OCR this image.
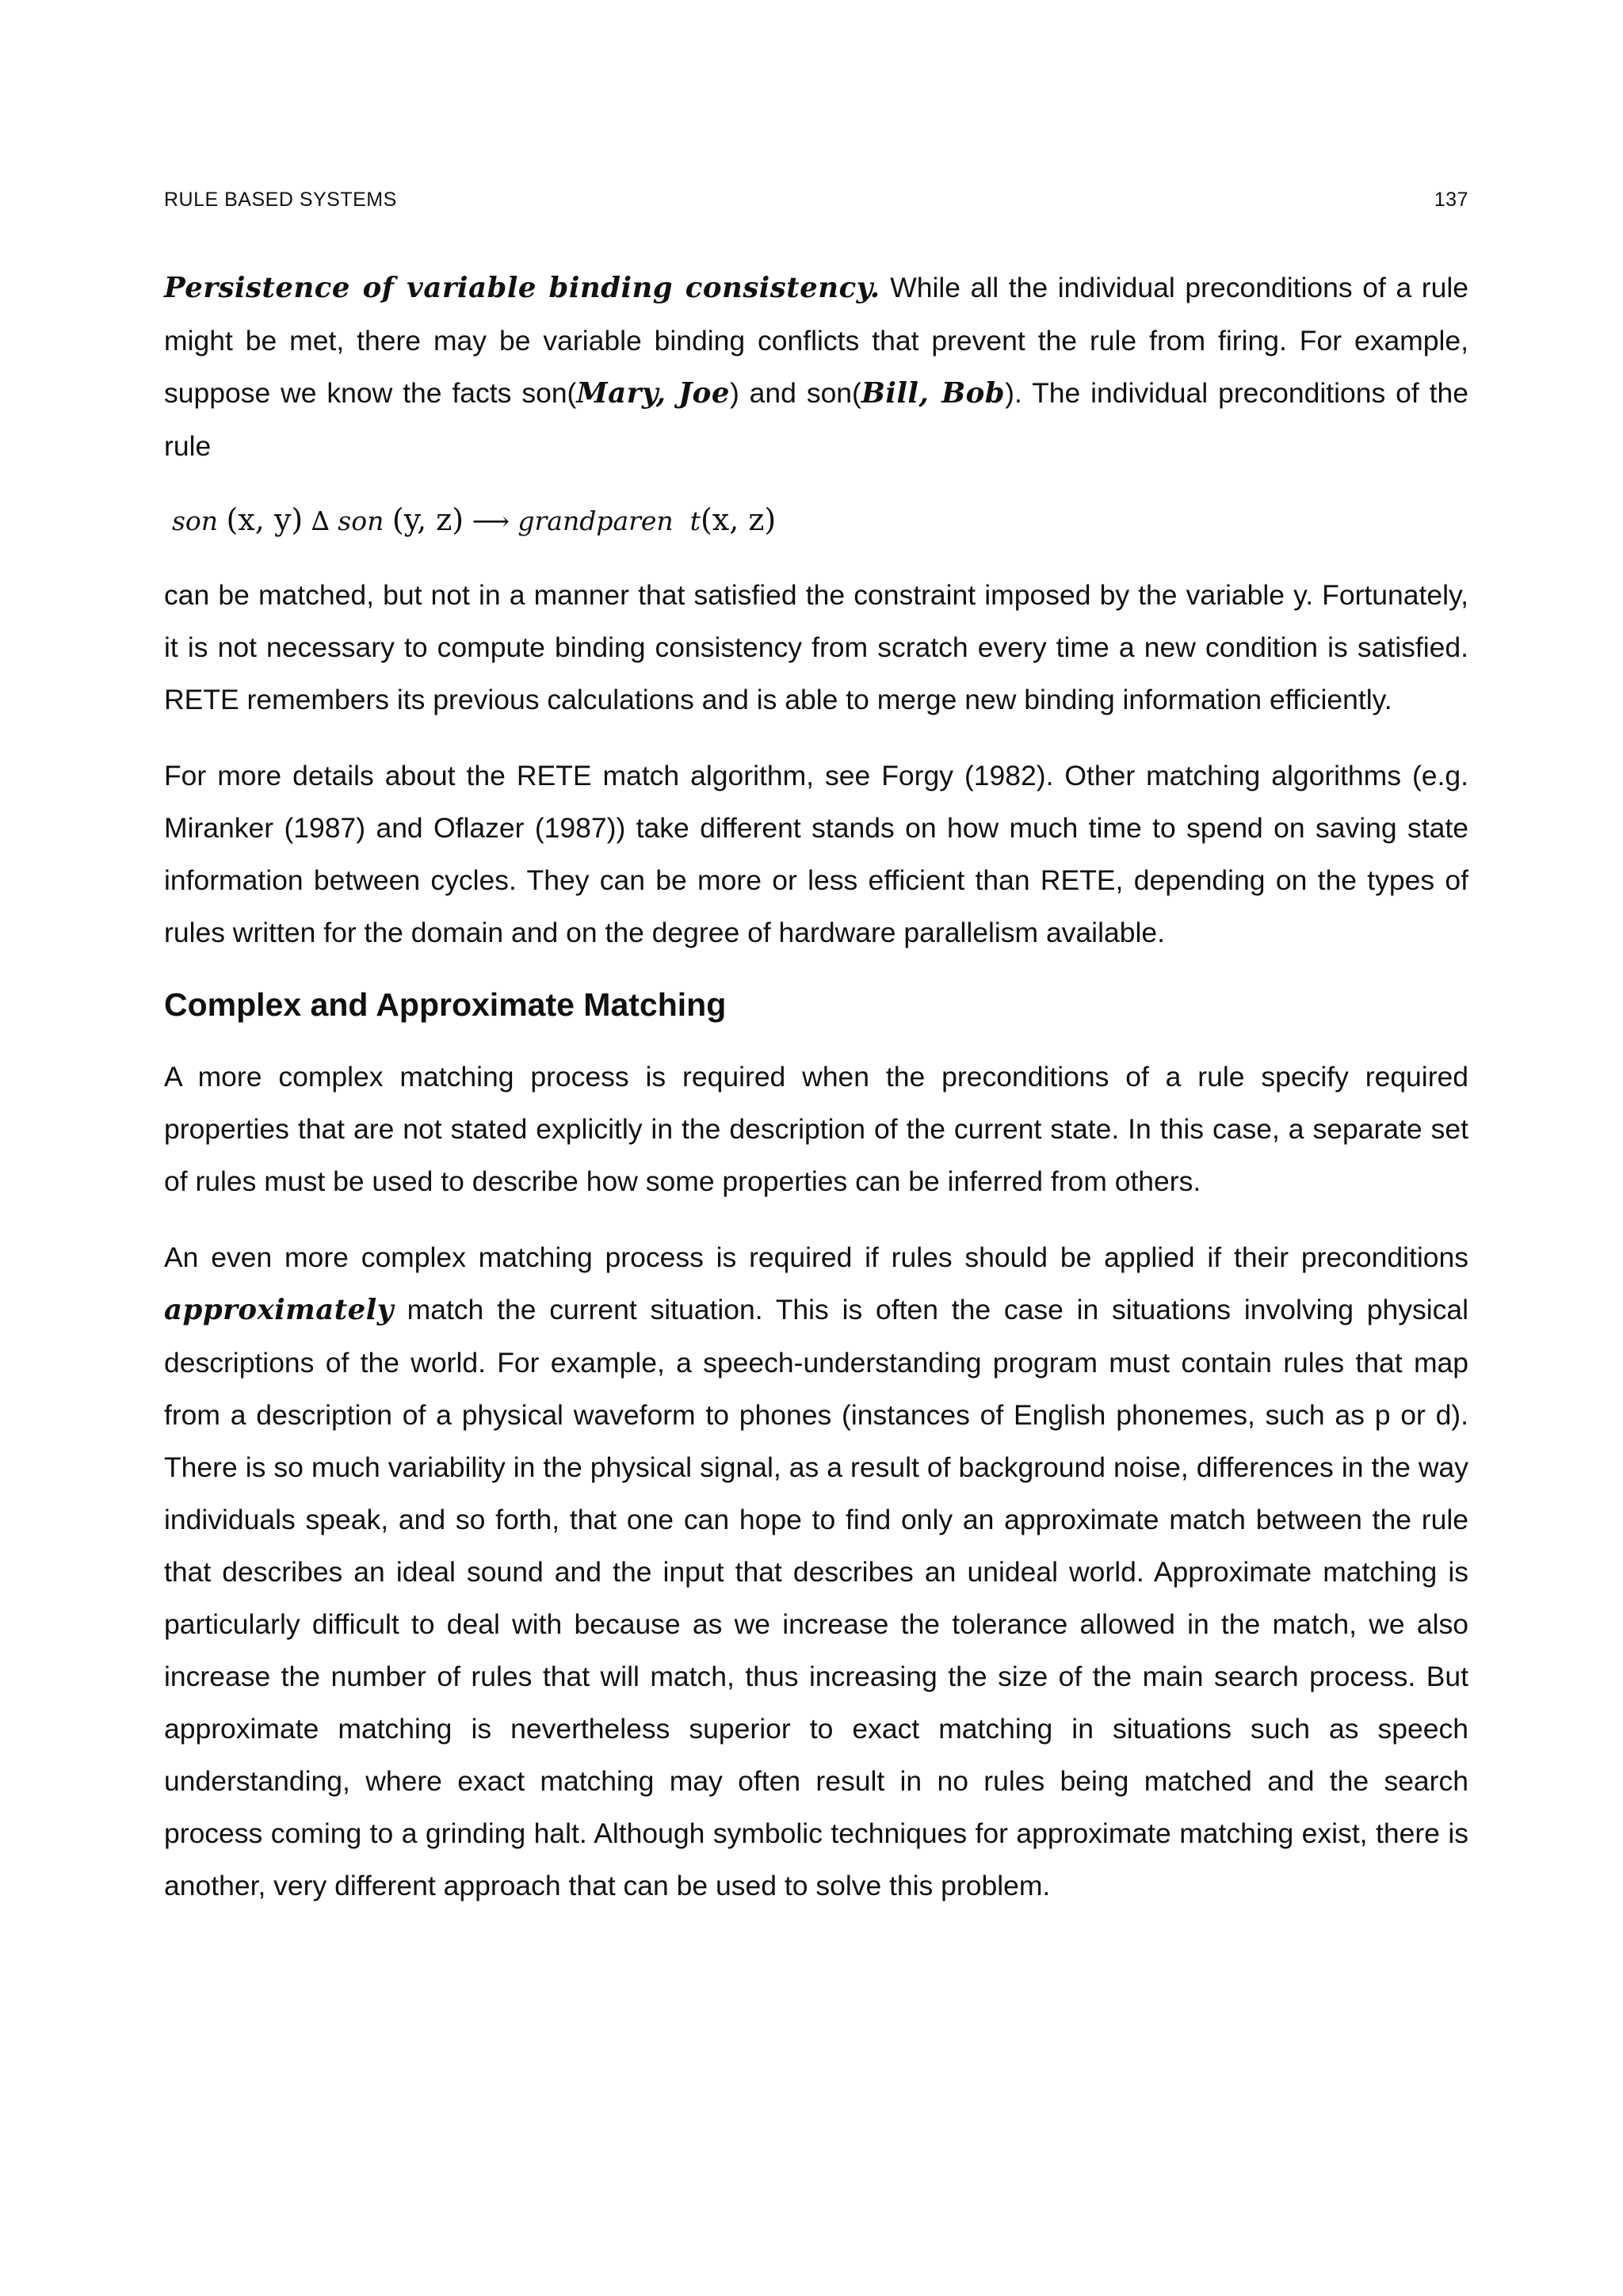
RULE BASED SYSTEMS	137

Persistence of variable binding consistency. While all the individual preconditions of a rule might be met, there may be variable binding conflicts that prevent the rule from firing. For example, suppose we know the facts son(Mary, Joe) and son(Bill, Bob). The individual preconditions of the rule

son (x, y) ∆ son (y, z) ⟶ grandparen  t(x, z)

can be matched, but not in a manner that satisfied the constraint imposed by the variable y. Fortunately, it is not necessary to compute binding consistency from scratch every time a new condition is satisfied. RETE remembers its previous calculations and is able to merge new binding information efficiently.

For more details about the RETE match algorithm, see Forgy (1982). Other matching algorithms (e.g. Miranker (1987) and Oflazer (1987)) take different stands on how much time to spend on saving state information between cycles. They can be more or less efficient than RETE, depending on the types of rules written for the domain and on the degree of hardware parallelism available.

Complex and Approximate Matching

A more complex matching process is required when the preconditions of a rule specify required properties that are not stated explicitly in the description of the current state. In this case, a separate set of rules must be used to describe how some properties can be inferred from others.

An even more complex matching process is required if rules should be applied if their preconditions approximately match the current situation. This is often the case in situations involving physical descriptions of the world. For example, a speech-understanding program must contain rules that map from a description of a physical waveform to phones (instances of English phonemes, such as p or d). There is so much variability in the physical signal, as a result of background noise, differences in the way individuals speak, and so forth, that one can hope to find only an approximate match between the rule that describes an ideal sound and the input that describes an unideal world. Approximate matching is particularly difficult to deal with because as we increase the tolerance allowed in the match, we also increase the number of rules that will match, thus increasing the size of the main search process. But approximate matching is nevertheless superior to exact matching in situations such as speech understanding, where exact matching may often result in no rules being matched and the search process coming to a grinding halt. Although symbolic techniques for approximate matching exist, there is another, very different approach that can be used to solve this problem.
